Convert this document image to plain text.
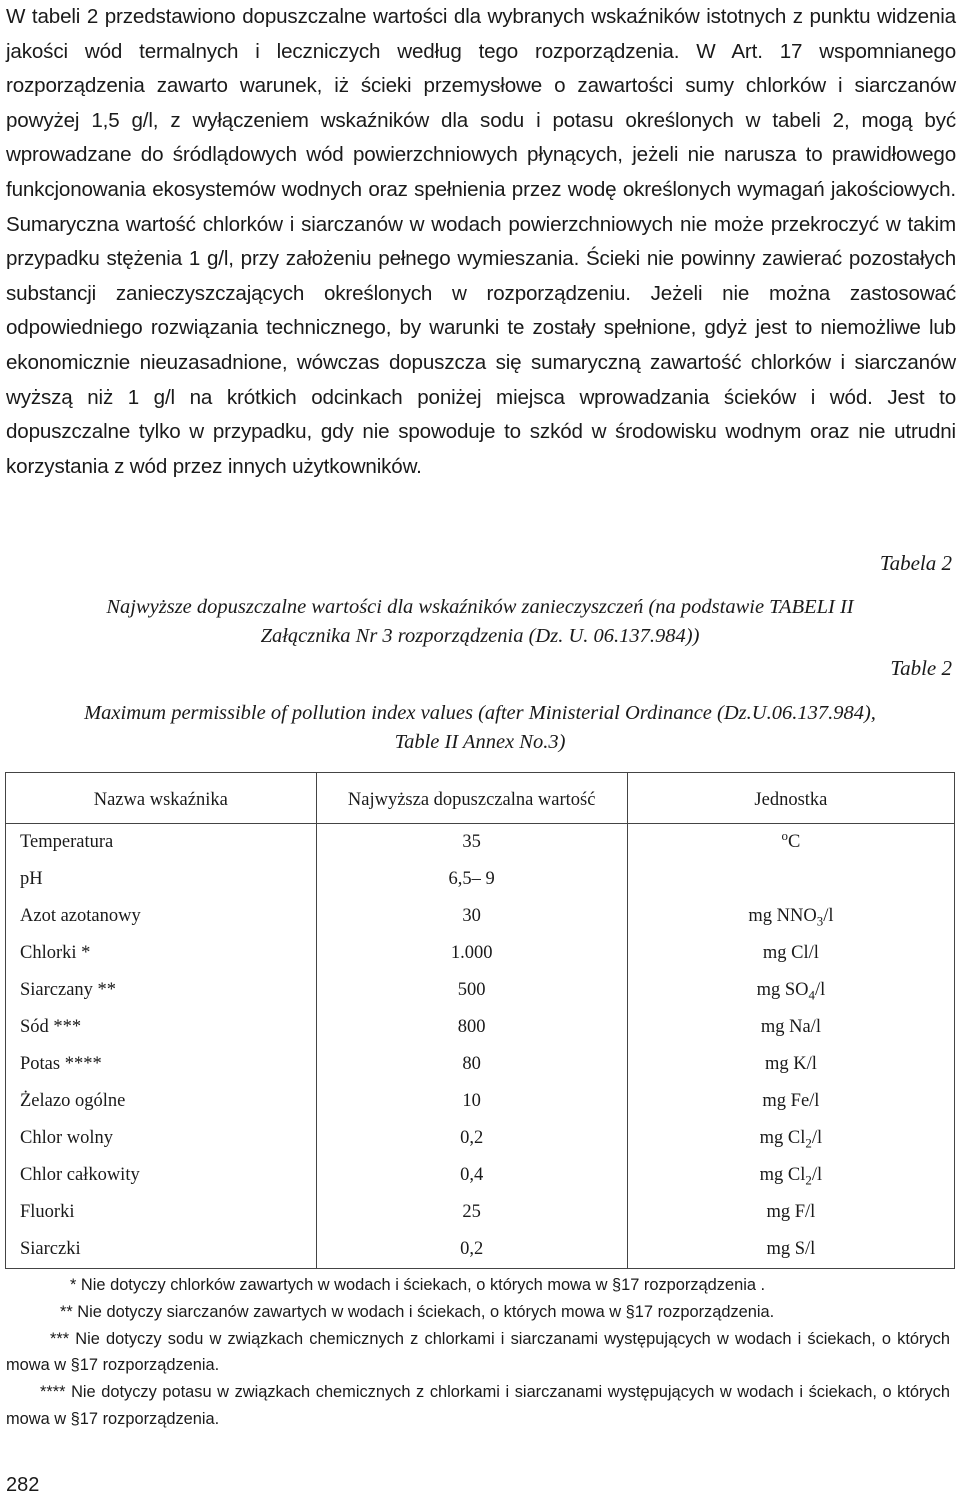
W tabeli 2 przedstawiono dopuszczalne wartości dla wybranych wskaźników istotnych z punktu widzenia jakości wód termalnych i leczniczych według tego rozporządzenia. W Art. 17 wspomnianego rozporządzenia zawarto warunek, iż ścieki przemysłowe o zawartości sumy chlorków i siarczanów powyżej 1,5 g/l, z wyłączeniem wskaźników dla sodu i potasu określonych w tabeli 2, mogą być wprowadzane do śródlądowych wód powierzchniowych płynących, jeżeli nie narusza to prawidłowego funkcjonowania ekosystemów wodnych oraz spełnienia przez wodę określonych wymagań jakościowych. Sumaryczna wartość chlorków i siarczanów w wodach powierzchniowych nie może przekroczyć w takim przypadku stężenia 1 g/l, przy założeniu pełnego wymieszania. Ścieki nie powinny zawierać pozostałych substancji zanieczyszczających określonych w rozporządzeniu. Jeżeli nie można zastosować odpowiedniego rozwiązania technicznego, by warunki te zostały spełnione, gdyż jest to niemożliwe lub ekonomicznie nieuzasadnione, wówczas dopuszcza się sumaryczną zawartość chlorków i siarczanów wyższą niż 1 g/l na krótkich odcinkach poniżej miejsca wprowadzania ścieków i wód. Jest to dopuszczalne tylko w przypadku, gdy nie spowoduje to szkód w środowisku wodnym oraz nie utrudni korzystania z wód przez innych użytkowników.

Tabela 2

Najwyższe dopuszczalne wartości dla wskaźników zanieczyszczeń (na podstawie TABELI II
Załącznika Nr 3 rozporządzenia (Dz. U. 06.137.984))

Table 2

Maximum permissible of pollution index values (after Ministerial Ordinance (Dz.U.06.137.984),
Table II Annex No.3)
Nazwa wskaźnika	Najwyższa dopuszczalna wartość	Jednostka
Temperatura	35	$^o$C
pH	6,5– 9	
Azot azotanowy	30	mg $NNO_3/l$
Chlorki *	1.000	mg Cl/l
Siarczany **	500	mg $SO_4/l$
Sód ***	800	mg Na/l
Potas ****	80	mg K/l
Żelazo ogólne	10	mg Fe/l
Chlor wolny	0,2	mg $Cl_2/l$
Chlor całkowity	0,4	mg $Cl_2/l$
Fluorki	25	mg F/l
Siarczki	0,2	mg S/l

* Nie dotyczy chlorków zawartych w wodach i ściekach, o których mowa w §17 rozporządzenia .

** Nie dotyczy siarczanów zawartych w wodach i ściekach, o których mowa w §17 rozporządzenia.

*** Nie dotyczy sodu w związkach chemicznych z chlorkami i siarczanami występujących w wodach i ściekach, o których mowa w §17 rozporządzenia.

**** Nie dotyczy potasu w związkach chemicznych z chlorkami i siarczanami występujących w wodach i ściekach, o których mowa w §17 rozporządzenia.

282
